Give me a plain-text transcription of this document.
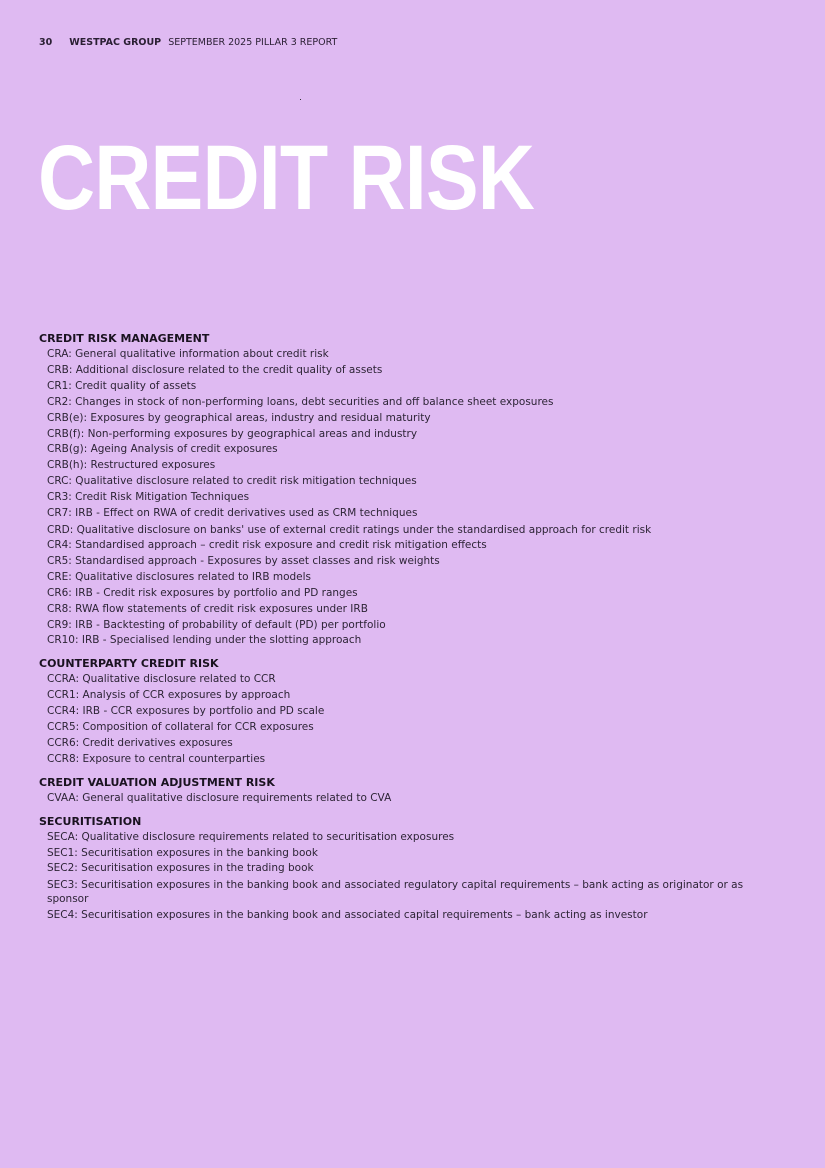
30 WESTPAC GROUP SEPTEMBER 2025 PILLAR 3 REPORT
CREDIT RISK
CREDIT RISK MANAGEMENT
CRA: General qualitative information about credit risk
CRB: Additional disclosure related to the credit quality of assets
CR1: Credit quality of assets
CR2: Changes in stock of non-performing loans, debt securities and off balance sheet exposures
CRB(e): Exposures by geographical areas, industry and residual maturity
CRB(f): Non-performing exposures by geographical areas and industry
CRB(g): Ageing Analysis of credit exposures
CRB(h): Restructured exposures
CRC: Qualitative disclosure related to credit risk mitigation techniques
CR3: Credit Risk Mitigation Techniques
CR7: IRB - Effect on RWA of credit derivatives used as CRM techniques
CRD: Qualitative disclosure on banks' use of external credit ratings under the standardised approach for credit risk
CR4: Standardised approach – credit risk exposure and credit risk mitigation effects
CR5: Standardised approach - Exposures by asset classes and risk weights
CRE: Qualitative disclosures related to IRB models
CR6: IRB - Credit risk exposures by portfolio and PD ranges
CR8: RWA flow statements of credit risk exposures under IRB
CR9: IRB - Backtesting of probability of default (PD) per portfolio
CR10: IRB - Specialised lending under the slotting approach
COUNTERPARTY CREDIT RISK
CCRA: Qualitative disclosure related to CCR
CCR1: Analysis of CCR exposures by approach
CCR4: IRB - CCR exposures by portfolio and PD scale
CCR5: Composition of collateral for CCR exposures
CCR6: Credit derivatives exposures
CCR8: Exposure to central counterparties
CREDIT VALUATION ADJUSTMENT RISK
CVAA: General qualitative disclosure requirements related to CVA
SECURITISATION
SECA: Qualitative disclosure requirements related to securitisation exposures
SEC1: Securitisation exposures in the banking book
SEC2: Securitisation exposures in the trading book
SEC3: Securitisation exposures in the banking book and associated regulatory capital requirements – bank acting as originator or as sponsor
SEC4: Securitisation exposures in the banking book and associated capital requirements – bank acting as investor
